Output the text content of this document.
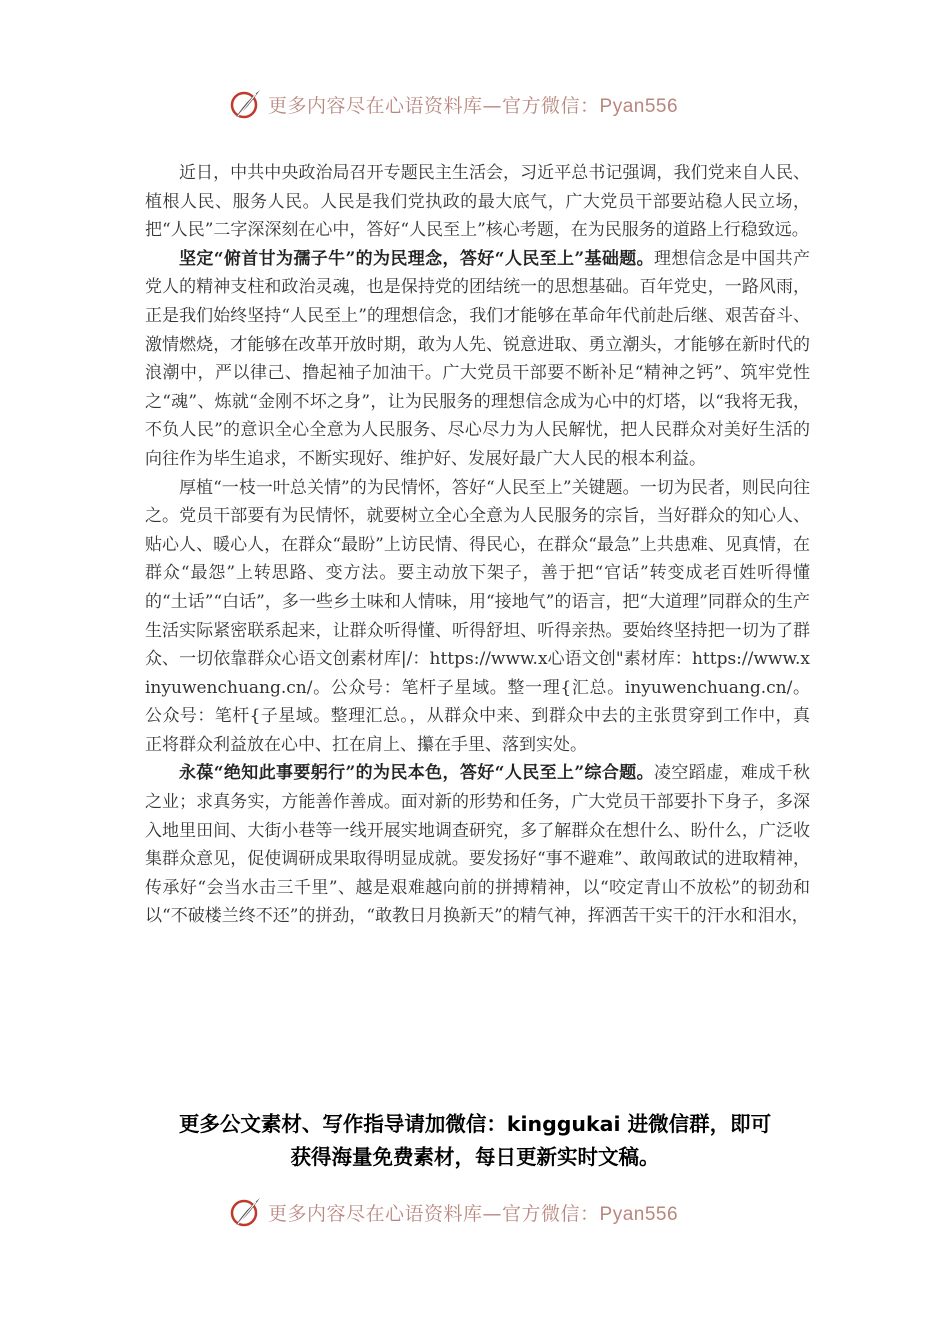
更多内容尽在心语资料库—官方微信：Pyan556

近日，中共中央政治局召开专题民主生活会，习近平总书记强调，我们党来自人民、植根人民、服务人民。人民是我们党执政的最大底气，广大党员干部要站稳人民立场，把“人民”二字深深刻在心中，答好“人民至上”核心考题，在为民服务的道路上行稳致远。

坚定“俯首甘为孺子牛”的为民理念，答好“人民至上”基础题。理想信念是中国共产党人的精神支柱和政治灵魂，也是保持党的团结统一的思想基础。百年党史，一路风雨，正是我们始终坚持“人民至上”的理想信念，我们才能够在革命年代前赴后继、艰苦奋斗、激情燃烧，才能够在改革开放时期，敢为人先、锐意进取、勇立潮头，才能够在新时代的浪潮中，严以律己、撸起袖子加油干。广大党员干部要不断补足“精神之钙”、筑牢党性之“魂”、炼就“金刚不坏之身”，让为民服务的理想信念成为心中的灯塔，以“我将无我，不负人民”的意识全心全意为人民服务、尽心尽力为人民解忧，把人民群众对美好生活的向往作为毕生追求，不断实现好、维护好、发展好最广大人民的根本利益。

厚植“一枝一叶总关情”的为民情怀，答好“人民至上”关键题。一切为民者，则民向往之。党员干部要有为民情怀，就要树立全心全意为人民服务的宗旨，当好群众的知心人、贴心人、暖心人，在群众“最盼”上访民情、得民心，在群众“最急”上共患难、见真情，在群众“最怨”上转思路、变方法。要主动放下架子，善于把“官话”转变成老百姓听得懂的“土话”“白话”，多一些乡土味和人情味，用“接地气”的语言，把“大道理”同群众的生产生活实际紧密联系起来，让群众听得懂、听得舒坦、听得亲热。要始终坚持把一切为了群众、一切依靠群众心语文创素材库|/：https://www.x心语文创"素材库：https://www.xinyuwenchuang.cn/。公众号：笔杆子星域。整一理{汇总。inyuwenchuang.cn/。公众号：笔杆{子星域。整理汇总。，从群众中来、到群众中去的主张贯穿到工作中，真正将群众利益放在心中、扛在肩上、攥在手里、落到实处。

永葆“绝知此事要躬行”的为民本色，答好“人民至上”综合题。凌空蹈虚，难成千秋之业；求真务实，方能善作善成。面对新的形势和任务，广大党员干部要扑下身子，多深入地里田间、大街小巷等一线开展实地调查研究，多了解群众在想什么、盼什么，广泛收集群众意见，促使调研成果取得明显成就。要发扬好“事不避难”、敢闯敢试的进取精神，传承好“会当水击三千里”、越是艰难越向前的拼搏精神，以“咬定青山不放松”的韧劲和以“不破楼兰终不还”的拼劲，“敢教日月换新天”的精气神，挥洒苦干实干的汗水和泪水，

更多公文素材、写作指导请加微信：kinggukai 进微信群，即可
获得海量免费素材，每日更新实时文稿。
更多内容尽在心语资料库—官方微信：Pyan556
